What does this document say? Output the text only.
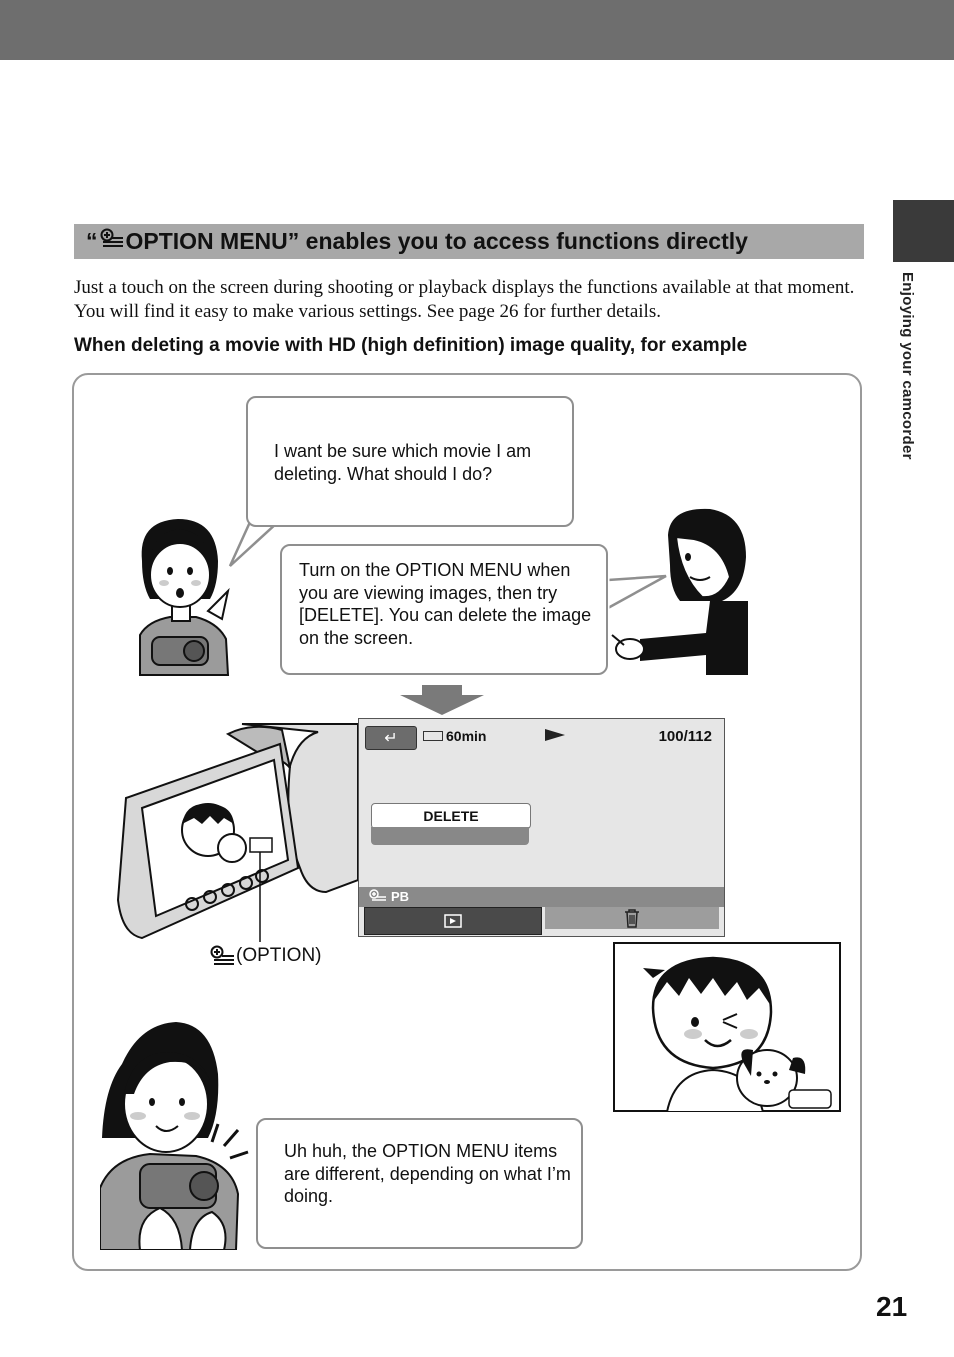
Enjoying your camcorder
“ OPTION MENU” enables you to access functions directly
Just a touch on the screen during shooting or playback displays the functions available at that moment. You will find it easy to make various settings. See page 26 for further details.
When deleting a movie with HD (high definition) image quality, for example
I want be sure which movie I am deleting. What should I do?
Turn on the OPTION MENU when you are viewing images, then try [DELETE]. You can delete the image on the screen.
↵	60min	100/112
DELETE
PB
(OPTION)
Uh huh, the OPTION MENU items are different, depending on what I’m doing.
21
